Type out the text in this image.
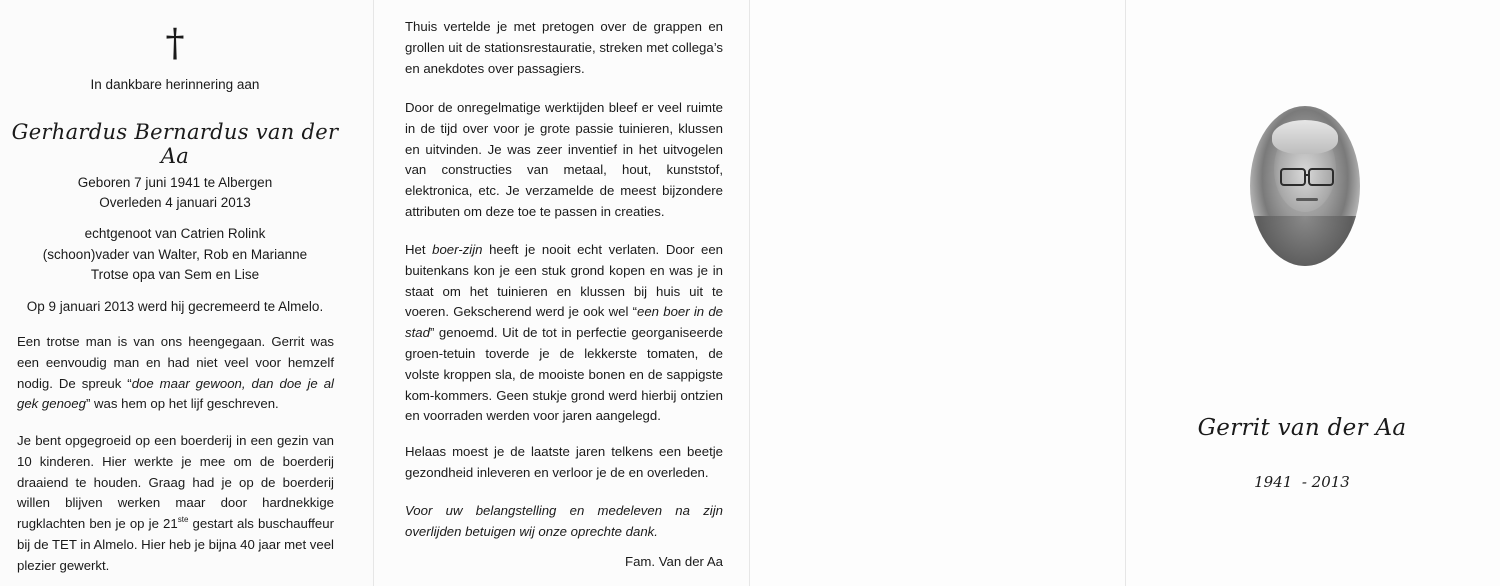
†
In dankbare herinnering aan
Gerhardus Bernardus van der Aa
Geboren 7 juni 1941 te Albergen
Overleden 4 januari 2013
echtgenoot van Catrien Rolink
(schoon)vader van Walter, Rob en Marianne
Trotse opa van Sem en Lise
Op 9 januari 2013 werd hij gecremeerd te Almelo.
Een trotse man is van ons heengegaan. Gerrit was een eenvoudig man en had niet veel voor hemzelf nodig. De spreuk “doe maar gewoon, dan doe je al gek genoeg” was hem op het lijf geschreven.
Je bent opgegroeid op een boerderij in een gezin van 10 kinderen. Hier werkte je mee om de boerderij draaiend te houden. Graag had je op de boerderij willen blijven werken maar door hardnekkige rugklachten ben je op je 21ste gestart als buschauffeur bij de TET in Almelo. Hier heb je bijna 40 jaar met veel plezier gewerkt.
Thuis vertelde je met pretogen over de grappen en grollen uit de stationsrestauratie, streken met collega’s en anekdotes over passagiers.
Door de onregelmatige werktijden bleef er veel ruimte in de tijd over voor je grote passie tuinieren, klussen en uitvinden. Je was zeer inventief in het uitvogelen van constructies van metaal, hout, kunststof, elektronica, etc. Je verzamelde de meest bijzondere attributen om deze toe te passen in creaties.
Het boer-zijn heeft je nooit echt verlaten. Door een buitenkans kon je een stuk grond kopen en was je in staat om het tuinieren en klussen bij huis uit te voeren. Gekscherend werd je ook wel “een boer in de stad” genoemd. Uit de tot in perfectie georganiseerde groen-tetuin toverde je de lekkerste tomaten, de volste kroppen sla, de mooiste bonen en de sappigste kom-kommers. Geen stukje grond werd hierbij ontzien en voorraden werden voor jaren aangelegd.
Helaas moest je de laatste jaren telkens een beetje gezondheid inleveren en verloor je de en overleden.
Voor uw belangstelling en medeleven na zijn overlijden betuigen wij onze oprechte dank.
Fam. Van der Aa
Gerrit van der Aa
1941  - 2013
